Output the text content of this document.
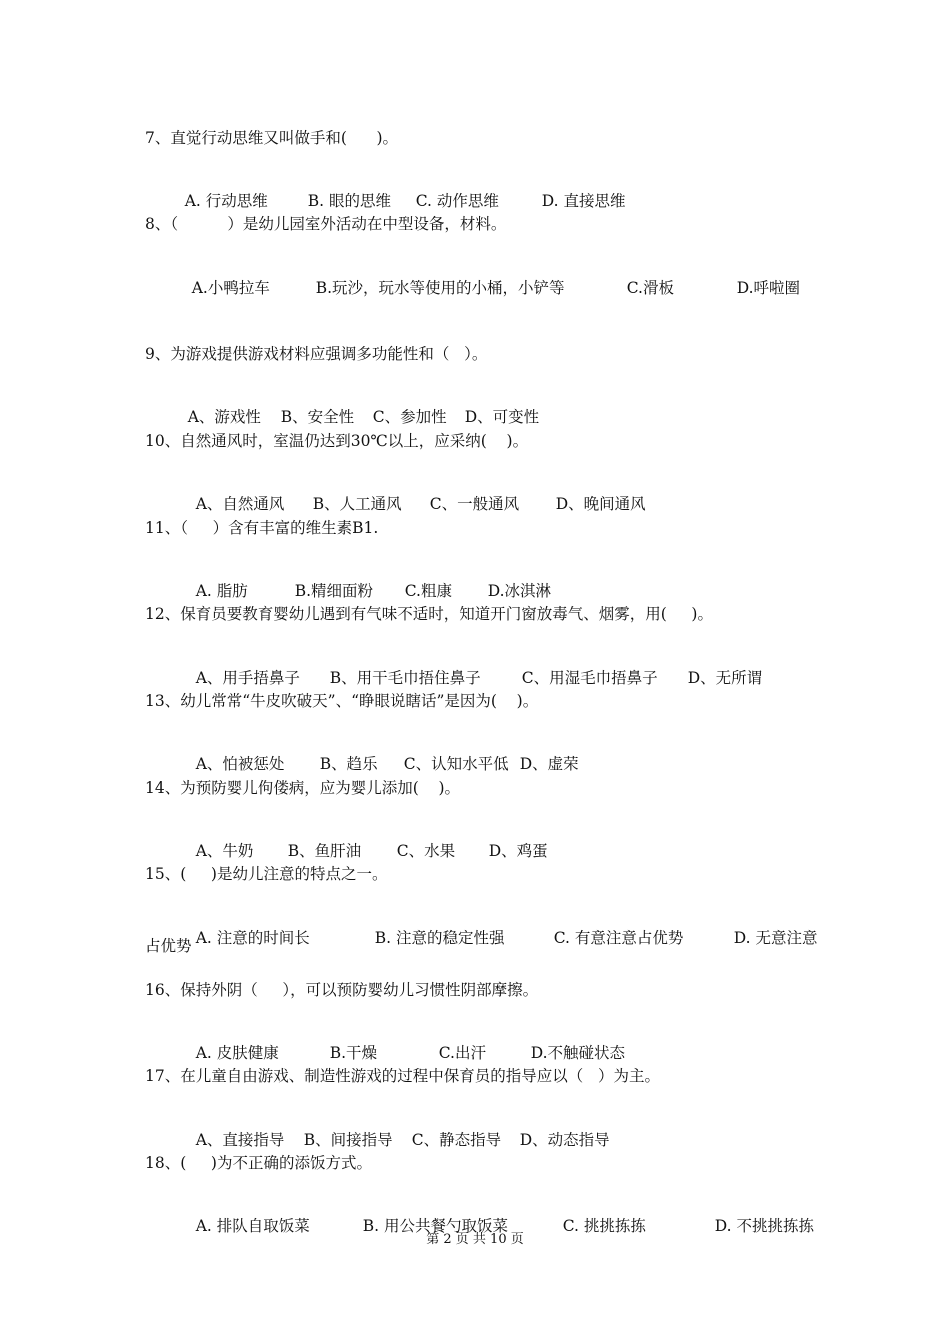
7、直觉行动思维又叫做手和(      )。

A. 行动思维	B. 眼的思维 C. 动作思维	D. 直接思维

8、（          ）是幼儿园室外活动在中型设备，材料。

A.小鸭拉车	B.玩沙，玩水等使用的小桶，小铲等	C.滑板	D.呼啦圈

9、为游戏提供游戏材料应强调多功能性和（   ）。

A、游戏性 B、安全性 C、参加性 D、可变性

10、自然通风时，室温仍达到30℃以上，应采纳(    )。

A、自然通风 B、人工通风 C、一般通风 D、晚间通风

11、（     ）含有丰富的维生素B1.

A. 脂肪	B.精细面粉 C.粗康 D.冰淇淋

12、保育员要教育婴幼儿遇到有气味不适时，知道开门窗放毒气、烟雾，用(     )。

A、用手捂鼻子 B、用干毛巾捂住鼻子	C、用湿毛巾捂鼻子 D、无所谓

13、幼儿常常“牛皮吹破天”、“睁眼说瞎话”是因为(    )。

A、怕被惩处 B、趋乐 C、认知水平低 D、虚荣

14、为预防婴儿佝偻病，应为婴儿添加(    )。

A、牛奶 B、鱼肝油 C、水果 D、鸡蛋

15、(     )是幼儿注意的特点之一。

A. 注意的时间长	B. 注意的稳定性强	C. 有意注意占优势	D. 无意注意

占优势
16、保持外阴（     ），可以预防婴幼儿习惯性阴部摩擦。

A. 皮肤健康	B.干燥	C.出汗	D.不触碰状态

17、在儿童自由游戏、制造性游戏的过程中保育员的指导应以（   ）为主。

A、直接指导 B、间接指导 C、静态指导 D、动态指导

18、(     )为不正确的添饭方式。

A. 排队自取饭菜	B. 用公共餐勺取饭菜	C. 挑挑拣拣	D. 不挑挑拣拣

第 2 页 共 10 页
